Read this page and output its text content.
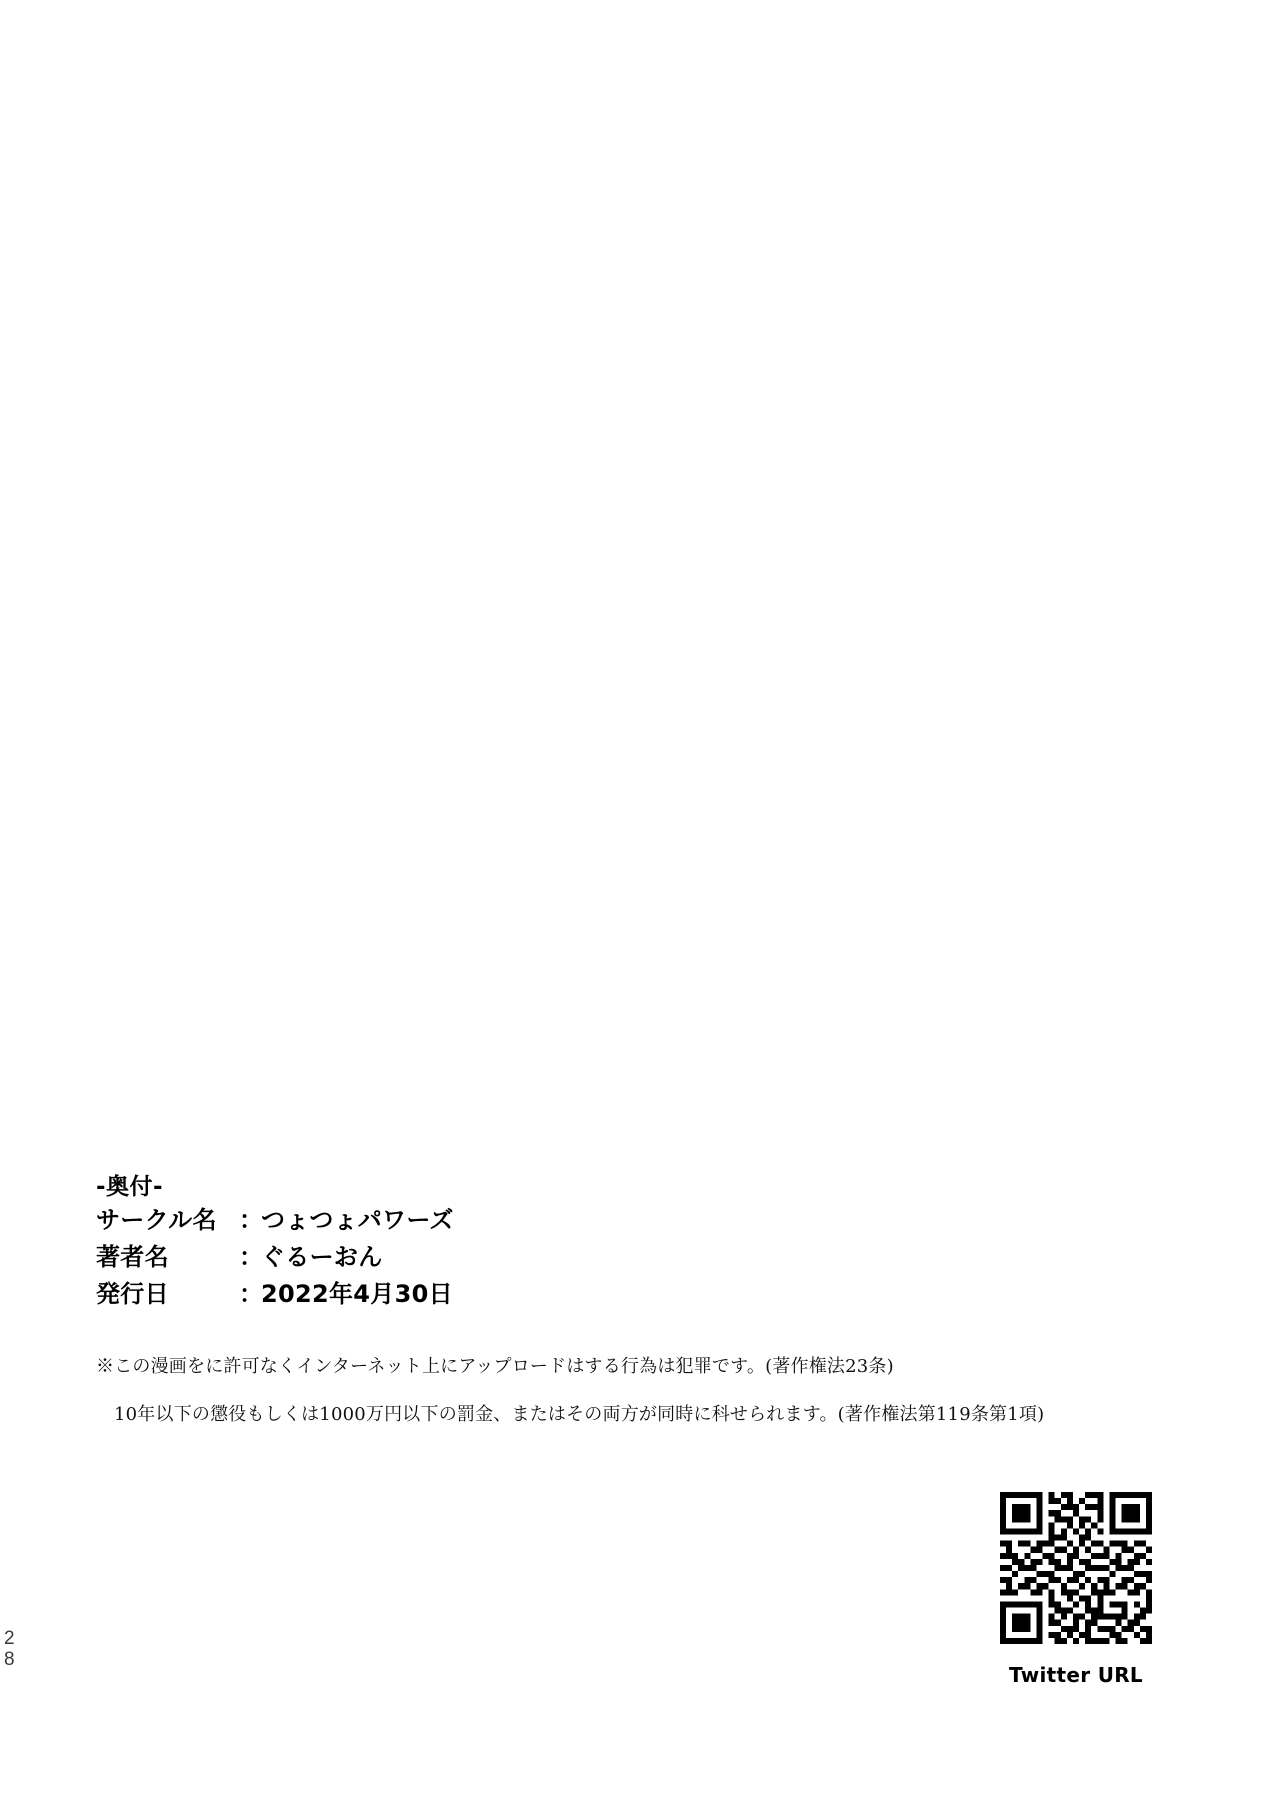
2
8
-奥付-
サークル名 ：
つょつょパワーズ
著者名	：
ぐるーおん
発行日	：
2022年4月30日
※この漫画をに許可なくインターネット上にアップロードはする行為は犯罪です。(著作権法23条)
10年以下の懲役もしくは1000万円以下の罰金、またはその両方が同時に科せられます。(著作権法第119条第1項)
Twitter URL
